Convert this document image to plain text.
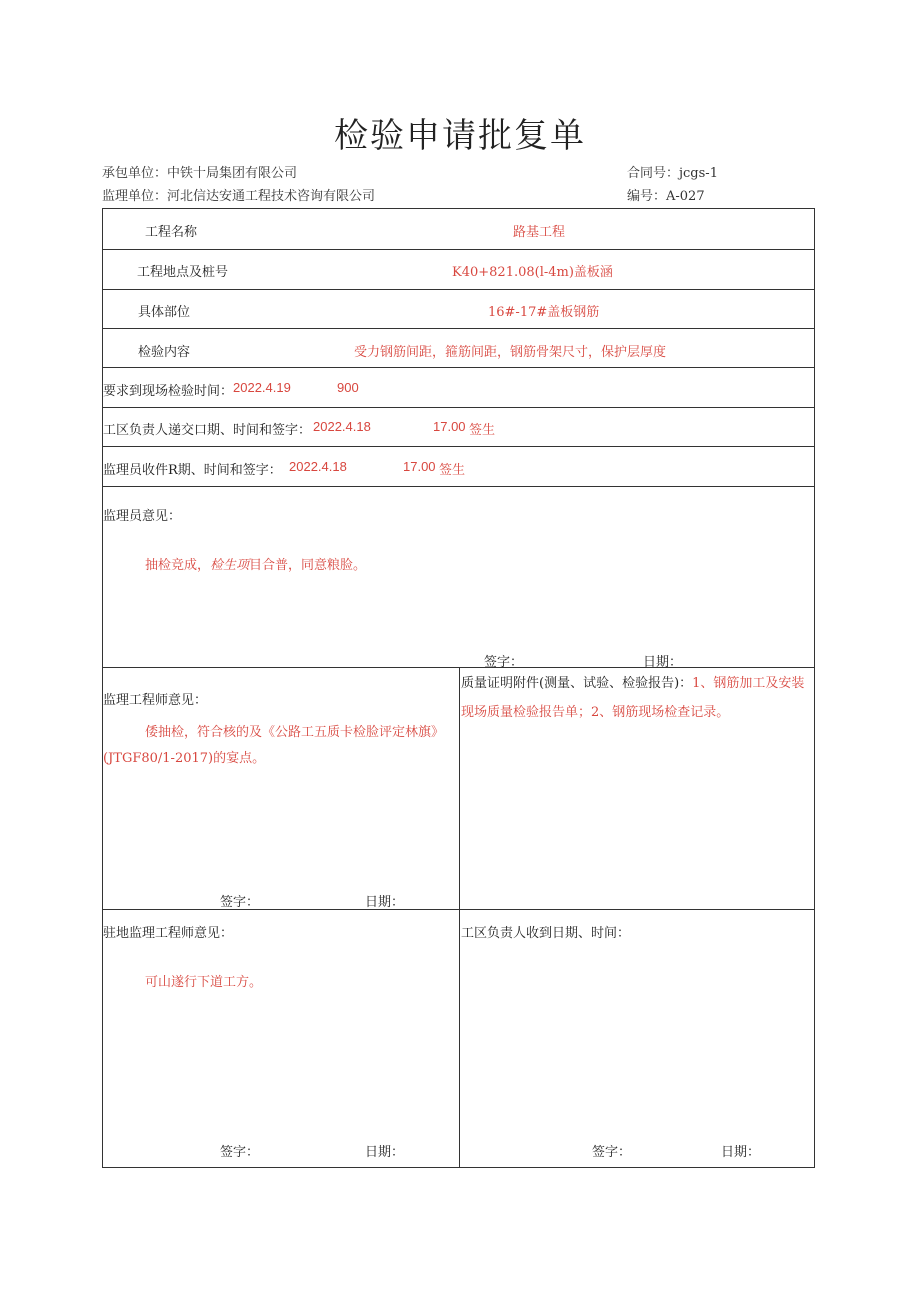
检验申请批复单
承包单位：中铁十局集团有限公司
监理单位：河北信达安通工程技术咨询有限公司
合同号：jcgs-1
编号：A-027
工程名称	路基工程
工程地点及桩号	K40+821.08(l-4m)盖板涵
具体部位	16#-17#盖板钢筋
检验内容	受力钢筋间距，箍筋间距，钢筋骨架尺寸，保护层厚度
要求到现场检验时间： 2022.4.19	900
工区负责人递交口期、时间和签字： 2022.4.18	17.00 签生
监理员收件R期、时间和签字： 2022.4.18	17.00 签生
监理员意见：
抽检竞成，检生项目合普，同意粮脸。
签字：	日期：
监理工程师意见：
倭抽检，符合核的及《公路工五质卡检脸评定林旗》
(JTGF80/1-2017)的宴点。
签字：	日期：
质量证明附件(测量、试验、检验报告)：1、钢筋加工及安装
现场质量检验报告单；2、钢筋现场检查记录。
驻地监理工程师意见：
可山遂行下道工方。
签字：	日期：
工区负责人收到日期、时间：
签字：	日期：
